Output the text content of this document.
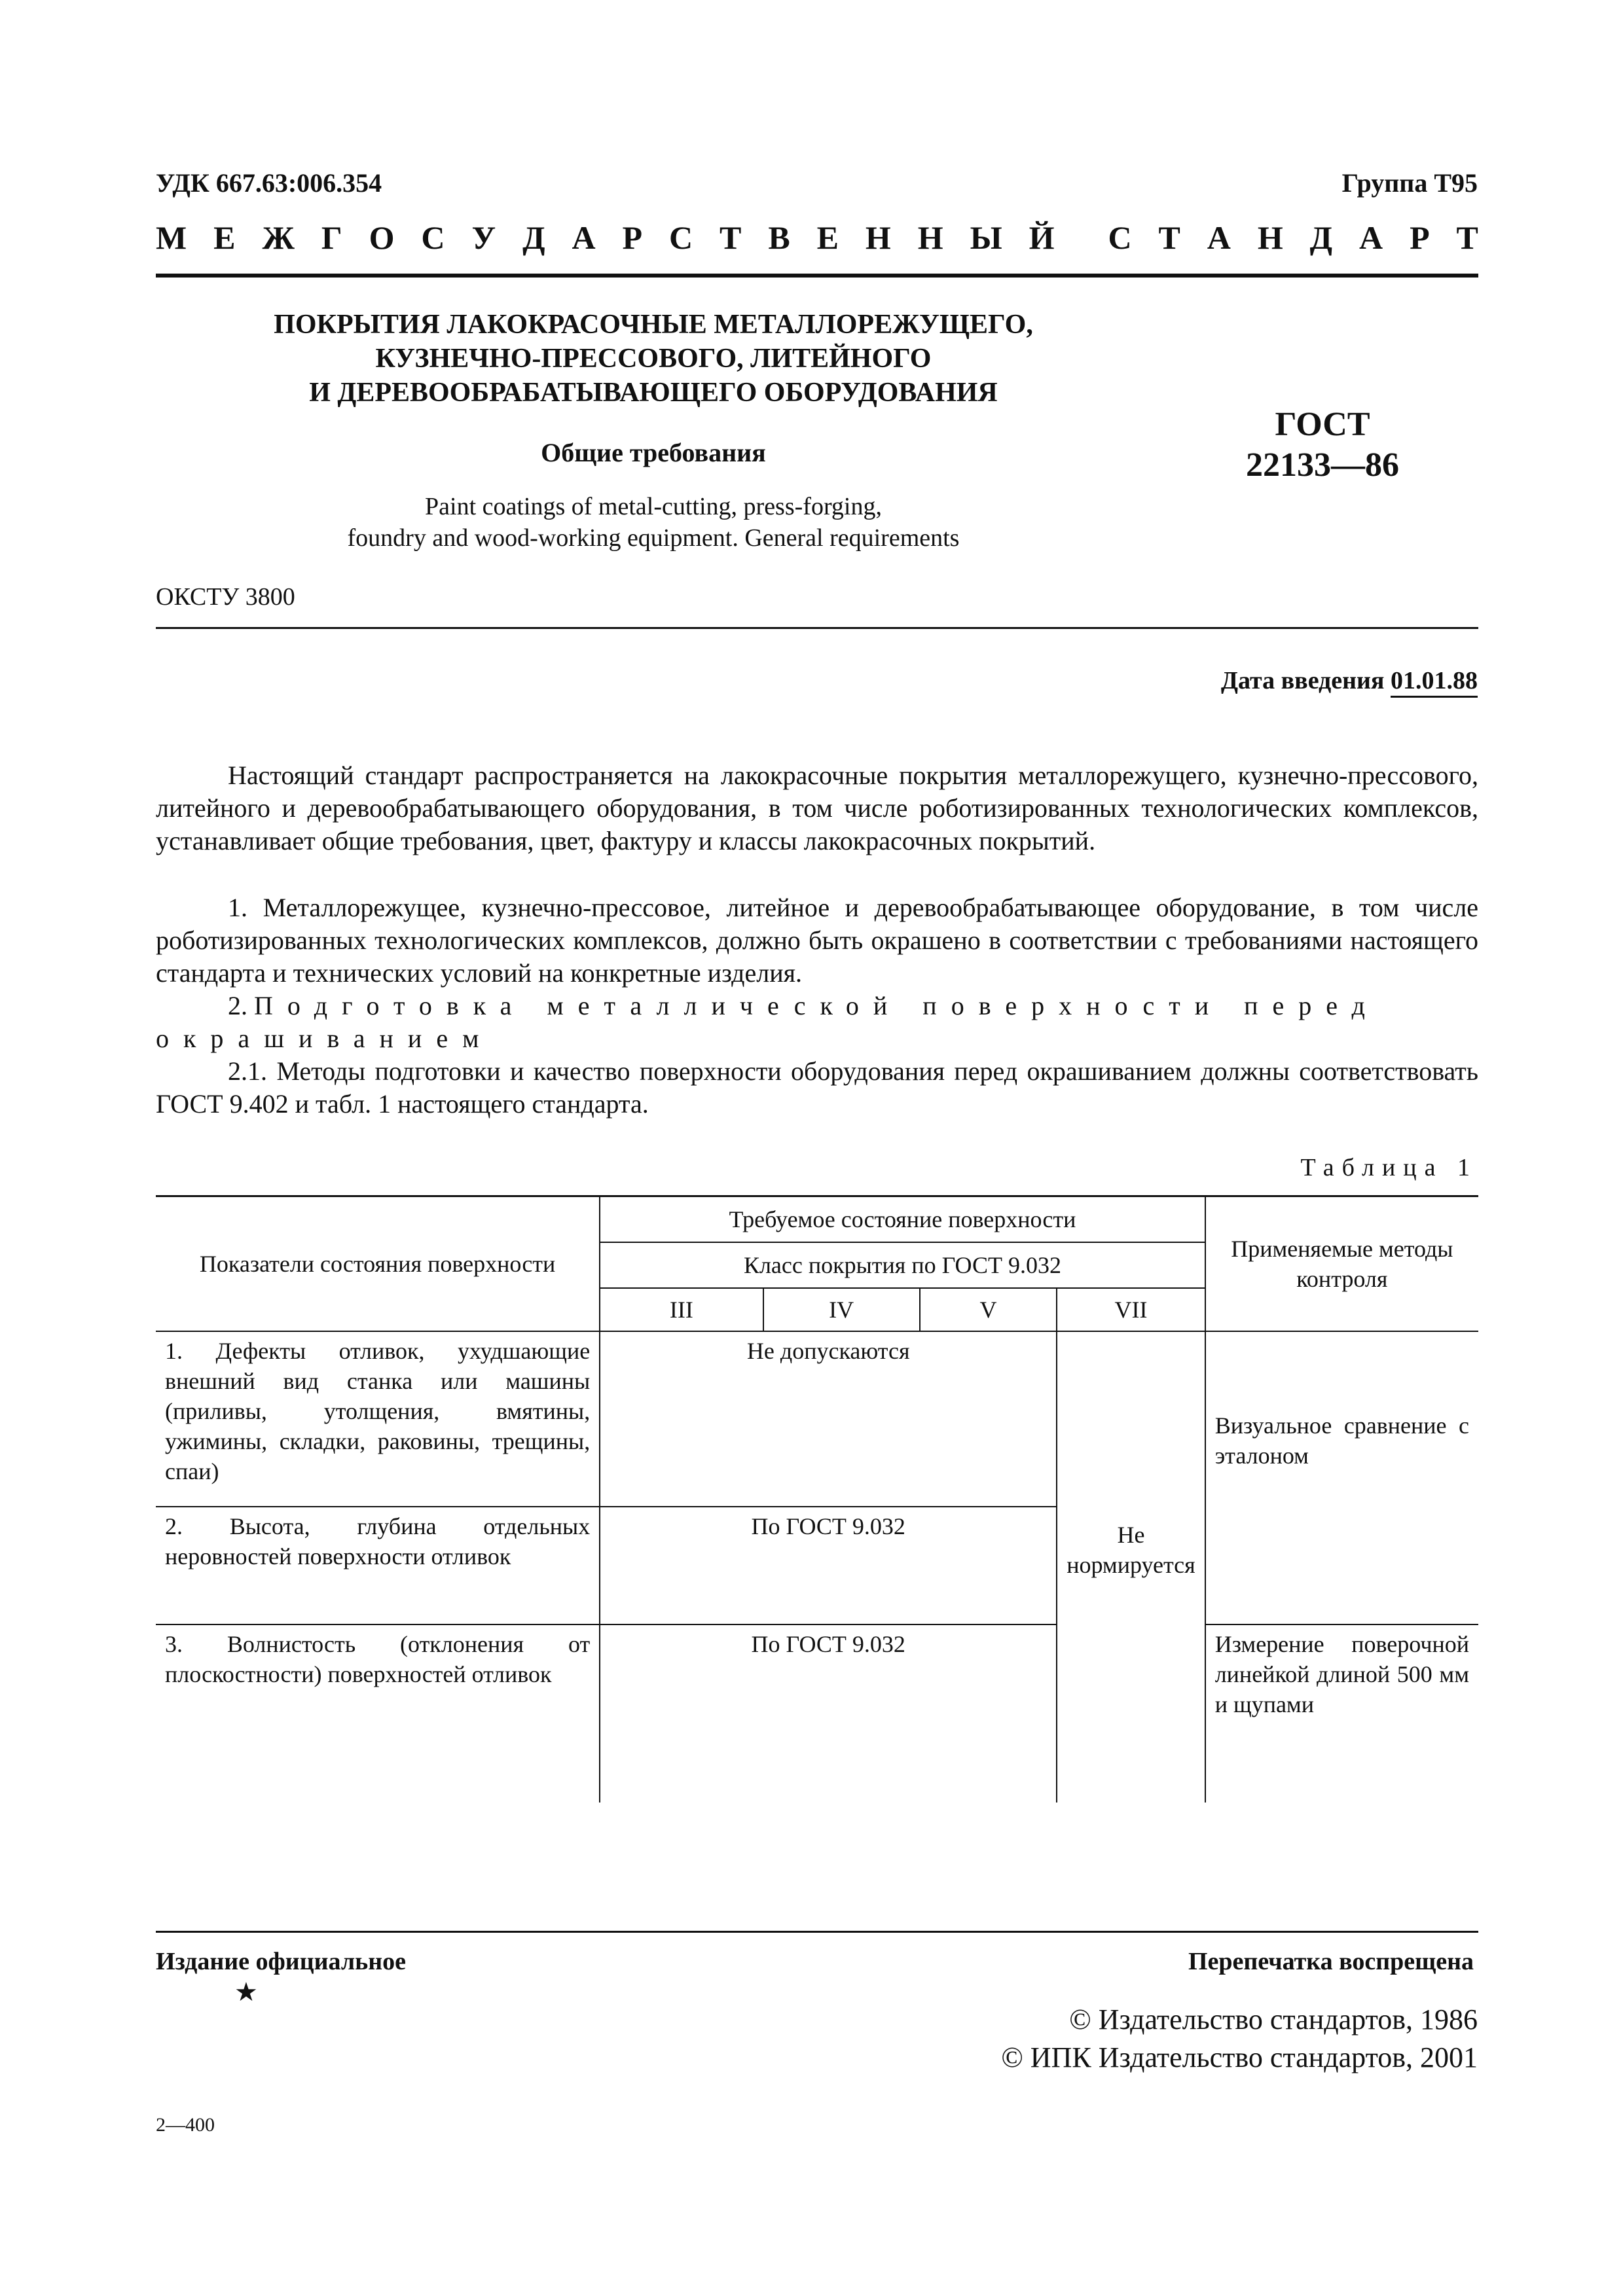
УДК 667.63:006.354	Группа Т95
М Е Ж Г О С У Д А Р С Т В Е Н Н Ы Й С Т А Н Д А Р Т
ПОКРЫТИЯ ЛАКОКРАСОЧНЫЕ МЕТАЛЛОРЕЖУЩЕГО,
КУЗНЕЧНО-ПРЕССОВОГО, ЛИТЕЙНОГО
И ДЕРЕВООБРАБАТЫВАЮЩЕГО ОБОРУДОВАНИЯ
Общие требования
Paint coatings of metal-cutting, press-forging,
foundry and wood-working equipment. General requirements
ГОСТ
22133—86
ОКСТУ 3800
Дата введения 01.01.88
Настоящий стандарт распространяется на лакокрасочные покрытия металлорежущего, кузнечно-прессового, литейного и деревообрабатывающего оборудования, в том числе роботизированных технологических комплексов, устанавливает общие требования, цвет, фактуру и классы лакокрасочных покрытий.
1. Металлорежущее, кузнечно-прессовое, литейное и деревообрабатывающее оборудование, в том числе роботизированных технологических комплексов, должно быть окрашено в соответствии с требованиями настоящего стандарта и технических условий на конкретные изделия.
2. Подготовка металлической поверхности перед окрашиванием
2.1. Методы подготовки и качество поверхности оборудования перед окрашиванием должны соответствовать ГОСТ 9.402 и табл. 1 настоящего стандарта.
Таблица 1
Показатели состояния поверхности	Требуемое состояние поверхности				Применяемые методы контроля
	Класс покрытия по ГОСТ 9.032				
	III	IV	V	VII	
1. Дефекты отливок, ухудшающие внешний вид станка или машины (приливы, утолщения, вмятины, ужимины, складки, раковины, трещины, спаи)	Не допускаются			Не нормируется	Визуальное сравнение с эталоном
2. Высота, глубина отдельных неровностей поверхности отливок	По ГОСТ 9.032				
3. Волнистость (отклонения от плоскостности) поверхностей отливок	По ГОСТ 9.032				Измерение поверочной линейкой длиной 500 мм и щупами
Издание официальное
★
Перепечатка воспрещена
© Издательство стандартов, 1986
© ИПК Издательство стандартов, 2001
2—400
